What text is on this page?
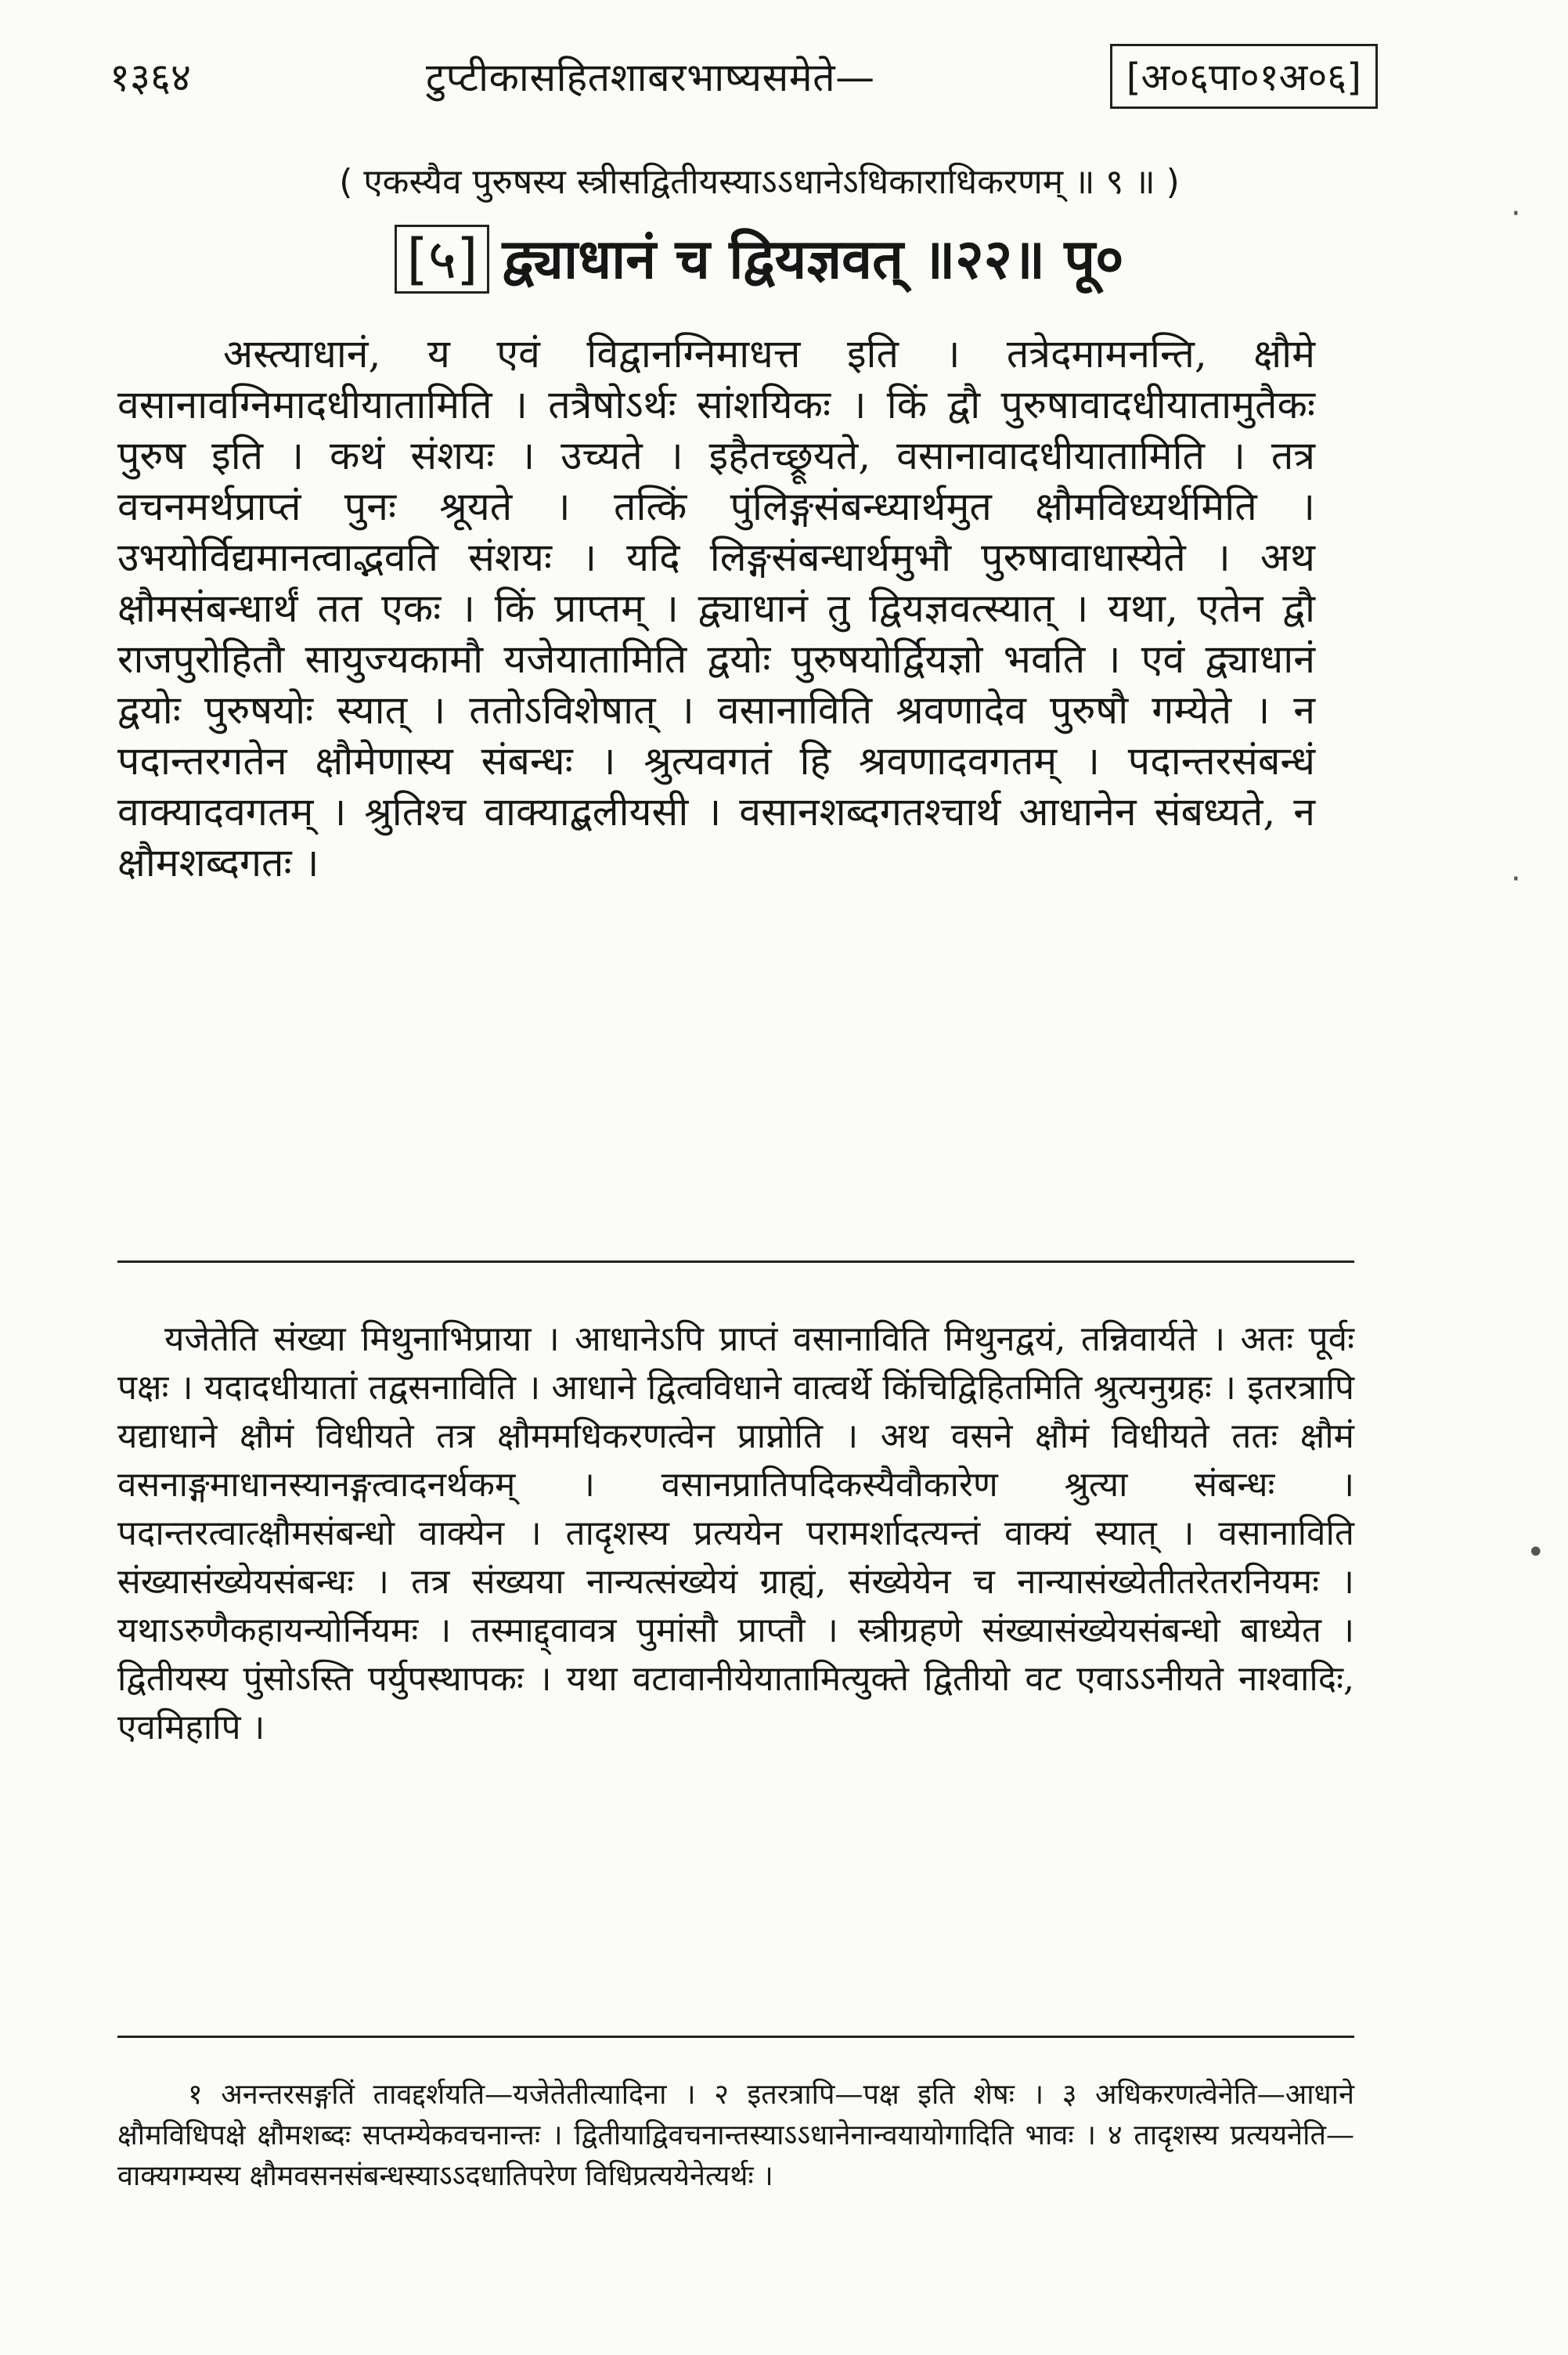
१३६४	टुप्टीकासहितशाबरभाष्यसमेते—	[अ०६पा०१अ०६]
( एकस्यैव पुरुषस्य स्त्रीसद्वितीयस्याऽऽधानेऽधिकाराधिकरणम् ॥ ९ ॥ )
[५] द्व्याधानं च द्वियज्ञवत् ॥२२॥ पू०

अस्त्याधानं, य एवं विद्वानग्निमाधत्त इति । तत्रेदमामनन्ति, क्षौमे वसानावग्निमादधीयातामिति । तत्रैषोऽर्थः सांशयिकः । किं द्वौ पुरुषावादधीयातामुतैकः पुरुष इति । कथं संशयः । उच्यते । इहैतच्छ्रूयते, वसानावादधीयातामिति । तत्र वचनमर्थप्राप्तं पुनः श्रूयते । तत्किं पुंलिङ्गसंबन्ध्यार्थमुत क्षौमविध्यर्थमिति । उभयोर्विद्यमानत्वाद्भवति संशयः । यदि लिङ्गसंबन्धार्थमुभौ पुरुषावाधास्येते । अथ क्षौमसंबन्धार्थं तत एकः । किं प्राप्तम् । द्व्याधानं तु द्वियज्ञवत्स्यात् । यथा, एतेन द्वौ राजपुरोहितौ सायुज्यकामौ यजेयातामिति द्वयोः पुरुषयोर्द्वियज्ञो भवति । एवं द्व्याधानं द्वयोः पुरुषयोः स्यात् । ततोऽविशेषात् । वसानाविति श्रवणादेव पुरुषौ गम्येते । न पदान्तरगतेन क्षौमेणास्य संबन्धः । श्रुत्यवगतं हि श्रवणादवगतम् । पदान्तरसंबन्धं वाक्यादवगतम् । श्रुतिश्च वाक्याद्बलीयसी । वसानशब्दगतश्चार्थ आधानेन संबध्यते, न क्षौमशब्दगतः ।

यजेतेति संख्या मिथुनाभिप्राया । आधानेऽपि प्राप्तं वसानाविति मिथुनद्वयं, तन्निवार्यते । अतः पूर्वः पक्षः । यदादधीयातां तद्वसनाविति । आधाने द्वित्वविधाने वात्वर्थे किंचिद्विहितमिति श्रुत्यनुग्रहः । इतरत्रापि यद्याधाने क्षौमं विधीयते तत्र क्षौममधिकरणत्वेन प्राप्नोति । अथ वसने क्षौमं विधीयते ततः क्षौमं वसनाङ्गमाधानस्यानङ्गत्वादनर्थकम् । वसानप्रातिपदिकस्यैवौकारेण श्रुत्या संबन्धः । पदान्तरत्वात्क्षौमसंबन्धो वाक्येन । तादृशस्य प्रत्ययेन परामर्शादत्यन्तं वाक्यं स्यात् । वसानाविति संख्यासंख्येयसंबन्धः । तत्र संख्यया नान्यत्संख्येयं ग्राह्यं, संख्येयेन च नान्यासंख्येतीतरेतरनियमः । यथाऽरुणैकहायन्योर्नियमः । तस्माद्द्वावत्र पुमांसौ प्राप्तौ । स्त्रीग्रहणे संख्यासंख्येयसंबन्धो बाध्येत । द्वितीयस्य पुंसोऽस्ति पर्युपस्थापकः । यथा वटावानीयेयातामित्युक्ते द्वितीयो वट एवाऽऽनीयते नाश्वादिः, एवमिहापि ।

१ अनन्तरसङ्गतिं तावद्दर्शयति—यजेतेतीत्यादिना । २ इतरत्रापि—पक्ष इति शेषः । ३ अधिकरणत्वेनेति—आधाने क्षौमविधिपक्षे क्षौमशब्दः सप्तम्येकवचनान्तः । द्वितीयाद्विवचनान्तस्याऽऽधानेनान्वयायोगादिति भावः । ४ तादृशस्य प्रत्ययनेति—वाक्यगम्यस्य क्षौमवसनसंबन्धस्याऽऽदधातिपरेण विधिप्रत्ययेनेत्यर्थः ।

·
·
•
